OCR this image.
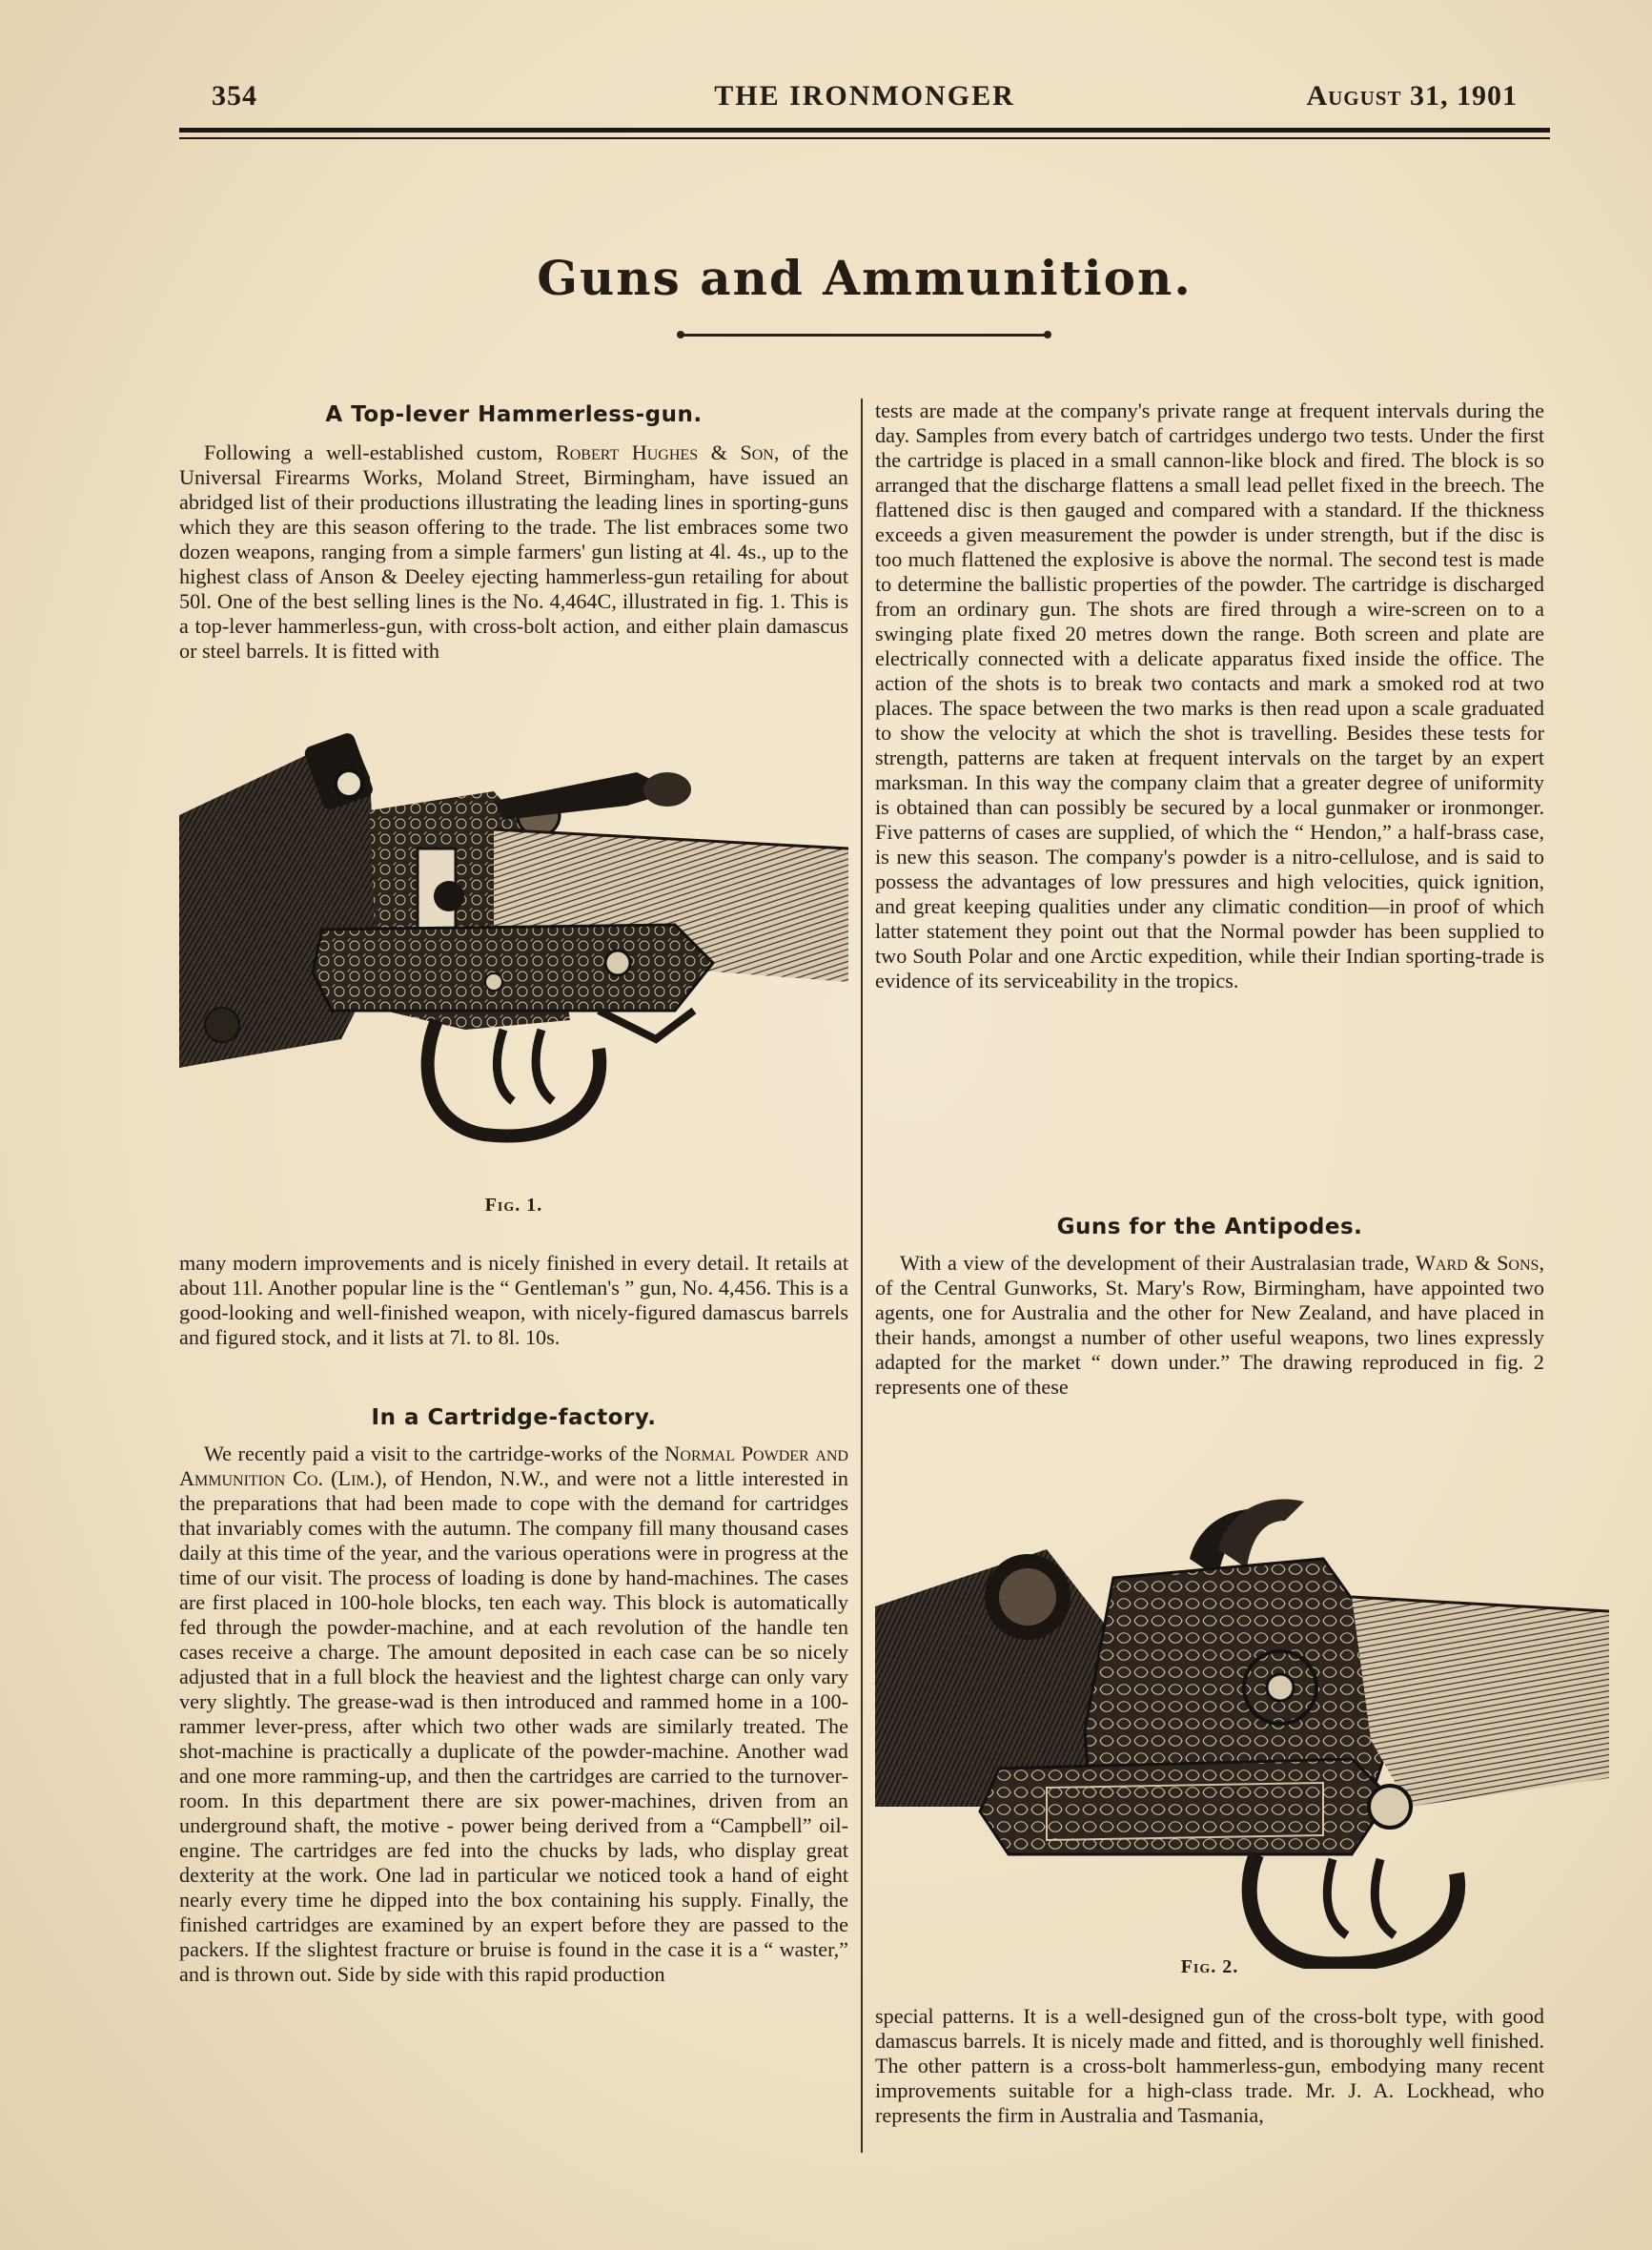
354	THE IRONMONGER	August 31, 1901
Guns and Ammunition.
A Top-lever Hammerless-gun.

Following a well-established custom, Robert Hughes & Son, of the Universal Firearms Works, Moland Street, Birmingham, have issued an abridged list of their productions illustrating the leading lines in sporting-guns which they are this season offering to the trade. The list embraces some two dozen weapons, ranging from a simple farmers' gun listing at 4l. 4s., up to the highest class of Anson & Deeley ejecting hammerless-gun retailing for about 50l. One of the best selling lines is the No. 4,464C, illustrated in fig. 1. This is a top-lever hammerless-gun, with cross-bolt action, and either plain damascus or steel barrels. It is fitted with

Fig. 1.

many modern improvements and is nicely finished in every detail. It retails at about 11l. Another popular line is the “ Gentleman's ” gun, No. 4,456. This is a good-looking and well-finished weapon, with nicely-figured damascus barrels and figured stock, and it lists at 7l. to 8l. 10s.

In a Cartridge-factory.

We recently paid a visit to the cartridge-works of the Normal Powder and Ammunition Co. (Lim.), of Hendon, N.W., and were not a little interested in the preparations that had been made to cope with the demand for cartridges that invariably comes with the autumn. The company fill many thousand cases daily at this time of the year, and the various operations were in progress at the time of our visit. The process of loading is done by hand-machines. The cases are first placed in 100-hole blocks, ten each way. This block is automatically fed through the powder-machine, and at each revolution of the handle ten cases receive a charge. The amount deposited in each case can be so nicely adjusted that in a full block the heaviest and the lightest charge can only vary very slightly. The grease-wad is then introduced and rammed home in a 100-rammer lever-press, after which two other wads are similarly treated. The shot-machine is practically a duplicate of the powder-machine. Another wad and one more ramming-up, and then the cartridges are carried to the turnover-room. In this department there are six power-machines, driven from an underground shaft, the motive - power being derived from a “Campbell” oil-engine. The cartridges are fed into the chucks by lads, who display great dexterity at the work. One lad in particular we noticed took a hand of eight nearly every time he dipped into the box containing his supply. Finally, the finished cartridges are examined by an expert before they are passed to the packers. If the slightest fracture or bruise is found in the case it is a “ waster,” and is thrown out. Side by side with this rapid production

tests are made at the company's private range at frequent intervals during the day. Samples from every batch of cartridges undergo two tests. Under the first the cartridge is placed in a small cannon-like block and fired. The block is so arranged that the discharge flattens a small lead pellet fixed in the breech. The flattened disc is then gauged and compared with a standard. If the thickness exceeds a given measurement the powder is under strength, but if the disc is too much flattened the explosive is above the normal. The second test is made to determine the ballistic properties of the powder. The cartridge is discharged from an ordinary gun. The shots are fired through a wire-screen on to a swinging plate fixed 20 metres down the range. Both screen and plate are electrically connected with a delicate apparatus fixed inside the office. The action of the shots is to break two contacts and mark a smoked rod at two places. The space between the two marks is then read upon a scale graduated to show the velocity at which the shot is travelling. Besides these tests for strength, patterns are taken at frequent intervals on the target by an expert marksman. In this way the company claim that a greater degree of uniformity is obtained than can possibly be secured by a local gunmaker or ironmonger. Five patterns of cases are supplied, of which the “ Hendon,” a half-brass case, is new this season. The company's powder is a nitro-cellulose, and is said to possess the advantages of low pressures and high velocities, quick ignition, and great keeping qualities under any climatic condition—in proof of which latter statement they point out that the Normal powder has been supplied to two South Polar and one Arctic expedition, while their Indian sporting-trade is evidence of its serviceability in the tropics.

Guns for the Antipodes.

With a view of the development of their Australasian trade, Ward & Sons, of the Central Gunworks, St. Mary's Row, Birmingham, have appointed two agents, one for Australia and the other for New Zealand, and have placed in their hands, amongst a number of other useful weapons, two lines expressly adapted for the market “ down under.” The drawing reproduced in fig. 2 represents one of these

Fig. 2.

special patterns. It is a well-designed gun of the cross-bolt type, with good damascus barrels. It is nicely made and fitted, and is thoroughly well finished. The other pattern is a cross-bolt hammerless-gun, embodying many recent improvements suitable for a high-class trade. Mr. J. A. Lockhead, who represents the firm in Australia and Tasmania,
